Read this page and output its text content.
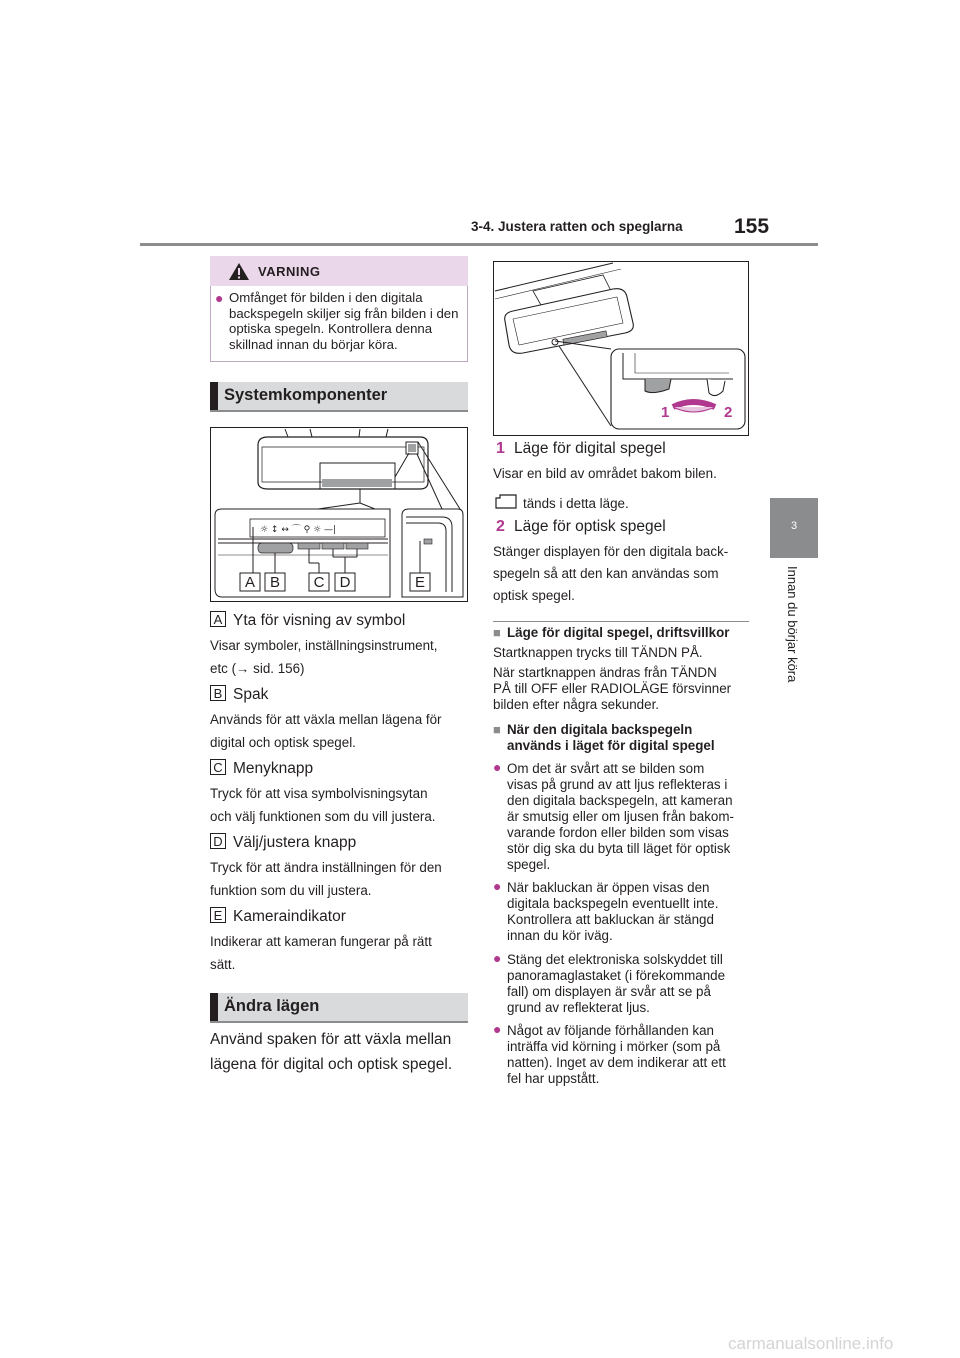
3-4. Justera ratten och speglarna 155
3
Innan du börjar köra
VARNING
● Omfånget för bilden i den digitala backspegeln skiljer sig från bilden i den optiska spegeln. Kontrollera denna skillnad innan du börjar köra.
Systemkomponenter
☼ ↕ ↔ ⌒ ⚲ ☼ —|
A B C D	E
A Yta för visning av symbol
Visar symboler, inställningsinstrument,
etc (→ sid. 156)
B Spak
Används för att växla mellan lägena för
digital och optisk spegel.
C Menyknapp
Tryck för att visa symbolvisningsytan
och välj funktionen som du vill justera.
D Välj/justera knapp
Tryck för att ändra inställningen för den
funktion som du vill justera.
E Kameraindikator
Indikerar att kameran fungerar på rätt
sätt.
Ändra lägen
Använd spaken för att växla mellan
lägena för digital och optisk spegel.
1	2
1 Läge för digital spegel
Visar en bild av området bakom bilen.
tänds i detta läge.
2 Läge för optisk spegel
Stänger displayen för den digitala back-
spegeln så att den kan användas som
optisk spegel.
■ Läge för digital spegel, driftsvillkor
Startknappen trycks till TÄNDN PÅ.
När startknappen ändras från TÄNDN
PÅ till OFF eller RADIOLÄGE försvinner
bilden efter några sekunder.
■ När den digitala backspegeln
används i läget för digital spegel
● Om det är svårt att se bilden som
visas på grund av att ljus reflekteras i
den digitala backspegeln, att kameran
är smutsig eller om ljusen från bakom-
varande fordon eller bilden som visas
stör dig ska du byta till läget för optisk
spegel.
● När bakluckan är öppen visas den
digitala backspegeln eventuellt inte.
Kontrollera att bakluckan är stängd
innan du kör iväg.
● Stäng det elektroniska solskyddet till
panoramaglastaket (i förekommande
fall) om displayen är svår att se på
grund av reflekterat ljus.
● Något av följande förhållanden kan
inträffa vid körning i mörker (som på
natten). Inget av dem indikerar att ett
fel har uppstått.
carmanualsonline.info
